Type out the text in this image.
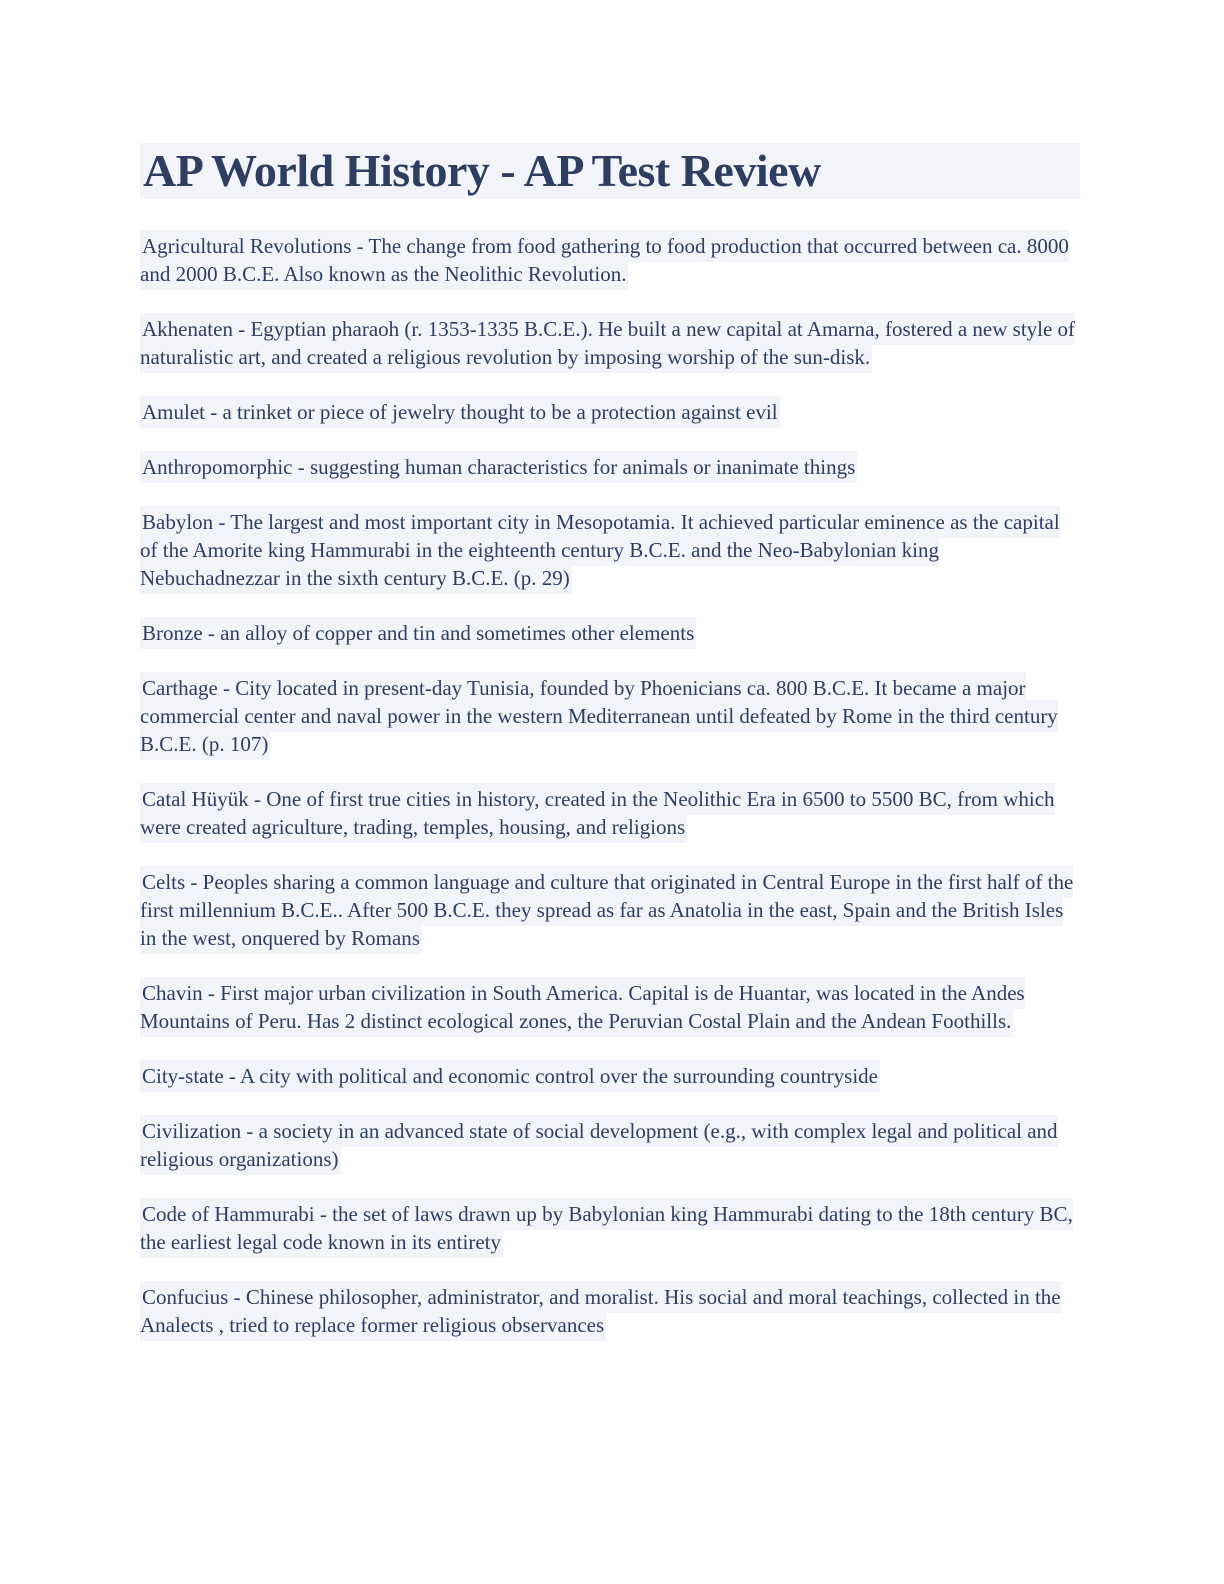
AP World History - AP Test Review

Agricultural Revolutions - The change from food gathering to food production that occurred between ca. 8000 and 2000 B.C.E. Also known as the Neolithic Revolution.

Akhenaten - Egyptian pharaoh (r. 1353-1335 B.C.E.). He built a new capital at Amarna, fostered a new style of naturalistic art, and created a religious revolution by imposing worship of the sun-disk.

Amulet - a trinket or piece of jewelry thought to be a protection against evil

Anthropomorphic - suggesting human characteristics for animals or inanimate things

Babylon - The largest and most important city in Mesopotamia. It achieved particular eminence as the capital of the Amorite king Hammurabi in the eighteenth century B.C.E. and the Neo-Babylonian king Nebuchadnezzar in the sixth century B.C.E. (p. 29)

Bronze - an alloy of copper and tin and sometimes other elements

Carthage - City located in present-day Tunisia, founded by Phoenicians ca. 800 B.C.E. It became a major commercial center and naval power in the western Mediterranean until defeated by Rome in the third century B.C.E. (p. 107)

Catal Hüyük - One of first true cities in history, created in the Neolithic Era in 6500 to 5500 BC, from which were created agriculture, trading, temples, housing, and religions

Celts - Peoples sharing a common language and culture that originated in Central Europe in the first half of the first millennium B.C.E.. After 500 B.C.E. they spread as far as Anatolia in the east, Spain and the British Isles in the west, onquered by Romans

Chavin - First major urban civilization in South America. Capital is de Huantar, was located in the Andes Mountains of Peru. Has 2 distinct ecological zones, the Peruvian Costal Plain and the Andean Foothills.

City-state - A city with political and economic control over the surrounding countryside

Civilization - a society in an advanced state of social development (e.g., with complex legal and political and religious organizations)

Code of Hammurabi - the set of laws drawn up by Babylonian king Hammurabi dating to the 18th century BC, the earliest legal code known in its entirety

Confucius - Chinese philosopher, administrator, and moralist. His social and moral teachings, collected in the Analects , tried to replace former religious observances
